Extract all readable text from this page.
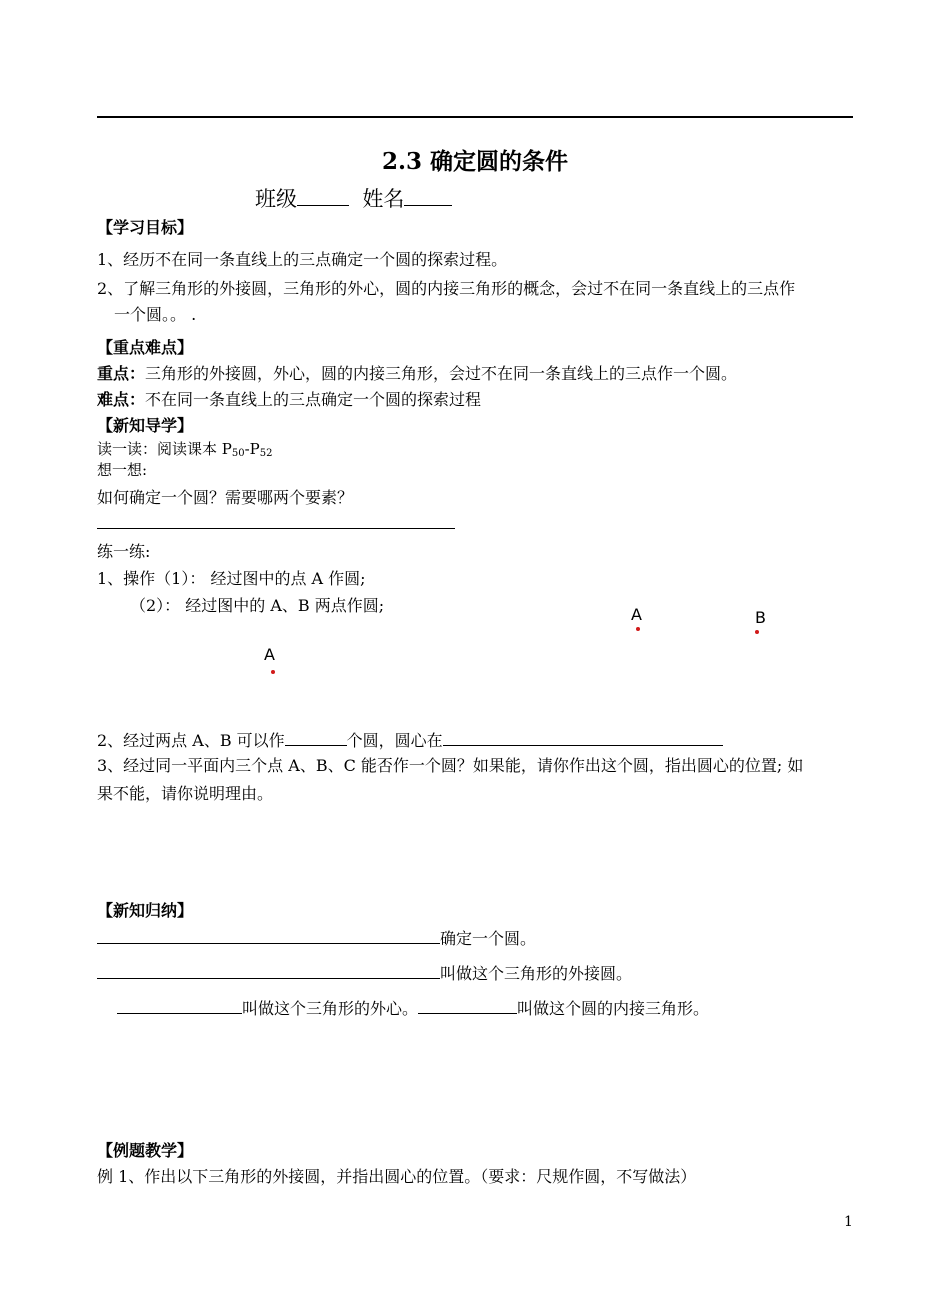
2.3 确定圆的条件
班级	姓名
【学习目标】
1、经历不在同一条直线上的三点确定一个圆的探索过程。
2、了解三角形的外接圆，三角形的外心，圆的内接三角形的概念，会过不在同一条直线上的三点作
一个圆。。 .
【重点难点】
重点：三角形的外接圆，外心，圆的内接三角形，会过不在同一条直线上的三点作一个圆。
难点：不在同一条直线上的三点确定一个圆的探索过程
【新知导学】
读一读：阅读课本 $P_{50}-P_{52}$
想一想:
如何确定一个圆？需要哪两个要素？
练一练:
1、操作（1）： 经过图中的点 A 作圆;
（2）： 经过图中的 A、B 两点作圆;
A
A	B
2、经过两点 A、B 可以作	个圆，圆心在
3、经过同一平面内三个点 A、B、C 能否作一个圆？如果能，请你作出这个圆，指出圆心的位置; 如
果不能，请你说明理由。
【新知归纳】
确定一个圆。
叫做这个三角形的外接圆。
叫做这个三角形的外心。	叫做这个圆的内接三角形。
【例题教学】
例 1、作出以下三角形的外接圆，并指出圆心的位置。（要求：尺规作圆，不写做法）
1
